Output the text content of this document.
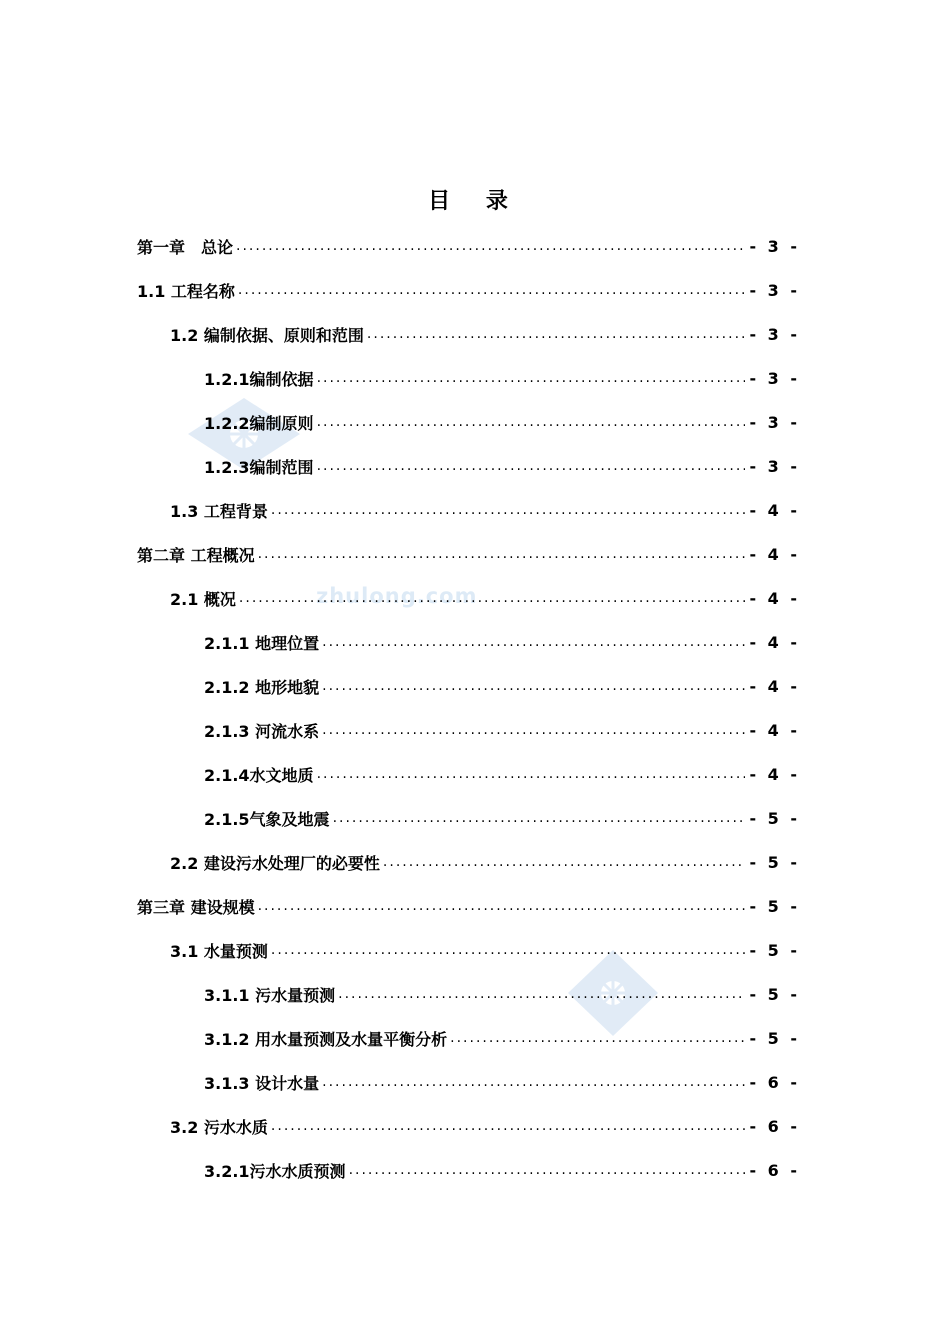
zhulong.com
目 录
第一章　总论 .....	- 3 -
1.1 工程名称 .....	- 3 -
1.2 编制依据、原则和范围 .....	- 3 -
1.2.1编制依据 .....	- 3 -
1.2.2编制原则 .....	- 3 -
1.2.3编制范围 .....	- 3 -
1.3 工程背景 .....	- 4 -
第二章 工程概况 .....	- 4 -
2.1 概况 .....	- 4 -
2.1.1 地理位置 .....	- 4 -
2.1.2 地形地貌 .....	- 4 -
2.1.3 河流水系 .....	- 4 -
2.1.4水文地质 .....	- 4 -
2.1.5气象及地震 .....	- 5 -
2.2 建设污水处理厂的必要性 .....	- 5 -
第三章 建设规模 .....	- 5 -
3.1 水量预测 .....	- 5 -
3.1.1 污水量预测 .....	- 5 -
3.1.2 用水量预测及水量平衡分析 .....	- 5 -
3.1.3 设计水量 .....	- 6 -
3.2 污水水质 .....	- 6 -
3.2.1污水水质预测 .....	- 6 -
